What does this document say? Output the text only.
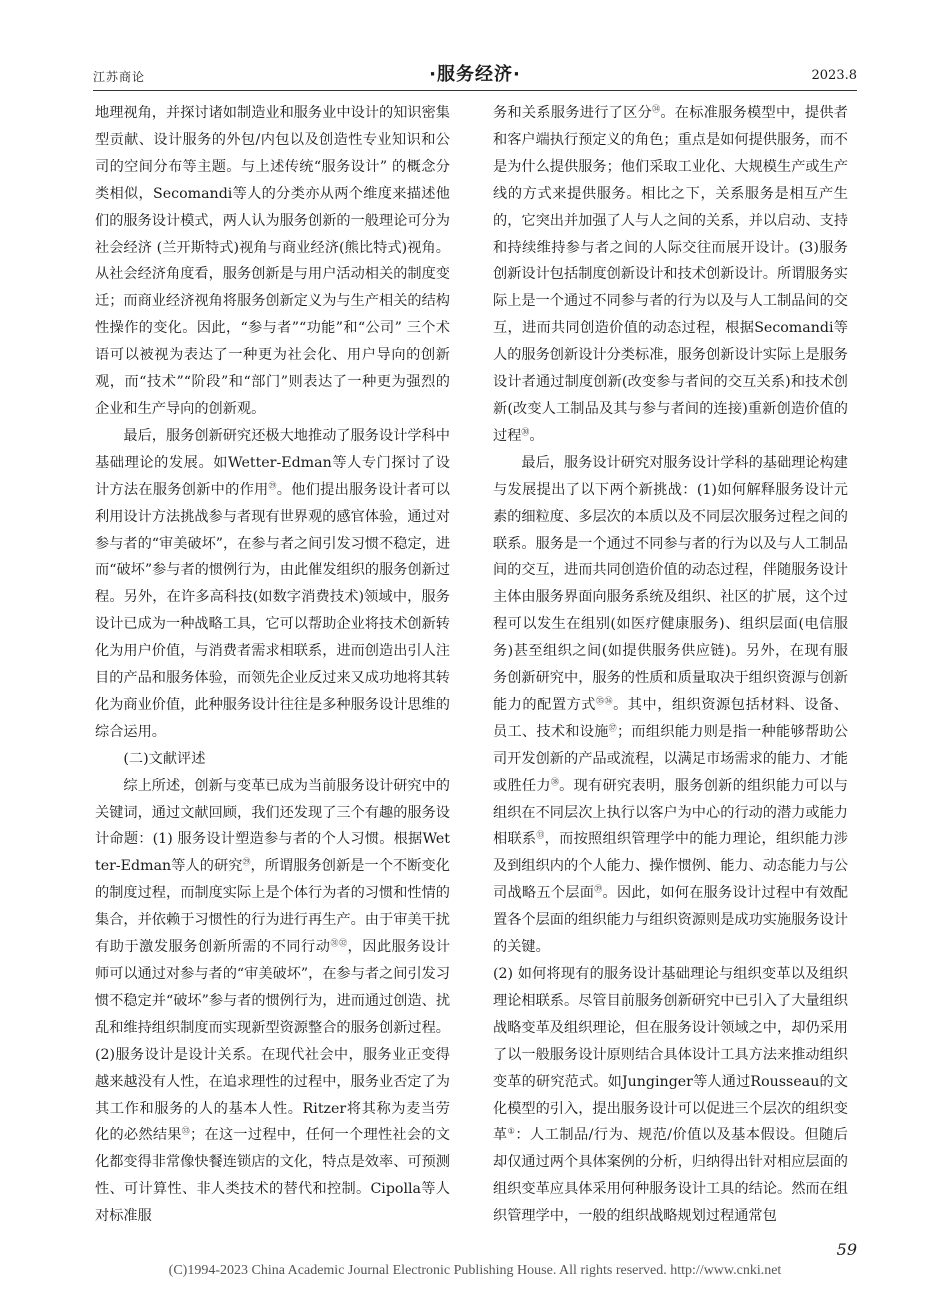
江苏商论	·服务经济·	2023.8

地理视角，并探讨诸如制造业和服务业中设计的知识密集型贡献、设计服务的外包/内包以及创造性专业知识和公司的空间分布等主题。与上述传统“服务设计” 的概念分类相似，Secomandi等人的分类亦从两个维度来描述他们的服务设计模式，两人认为服务创新的一般理论可分为社会经济 (兰开斯特式)视角与商业经济(熊比特式)视角。从社会经济角度看，服务创新是与用户活动相关的制度变迁；而商业经济视角将服务创新定义为与生产相关的结构性操作的变化。因此，“参与者”“功能”和“公司” 三个术语可以被视为表达了一种更为社会化、用户导向的创新观，而“技术”“阶段”和“部门”则表达了一种更为强烈的企业和生产导向的创新观。

最后，服务创新研究还极大地推动了服务设计学科中基础理论的发展。如Wetter-Edman等人专门探讨了设计方法在服务创新中的作用$^㉙$。他们提出服务设计者可以利用设计方法挑战参与者现有世界观的感官体验，通过对参与者的“审美破坏”，在参与者之间引发习惯不稳定，进而“破坏”参与者的惯例行为，由此催发组织的服务创新过程。另外，在许多高科技(如数字消费技术)领域中，服务设计已成为一种战略工具，它可以帮助企业将技术创新转化为用户价值，与消费者需求相联系，进而创造出引人注目的产品和服务体验，而领先企业反过来又成功地将其转化为商业价值，此种服务设计往往是多种服务设计思维的综合运用。

(二)文献评述

综上所述，创新与变革已成为当前服务设计研究中的关键词，通过文献回顾，我们还发现了三个有趣的服务设计命题：(1) 服务设计塑造参与者的个人习惯。根据Wetter-Edman等人的研究$^㉙$，所谓服务创新是一个不断变化的制度过程，而制度实际上是个体行为者的习惯和性情的集合，并依赖于习惯性的行为进行再生产。由于审美干扰有助于激发服务创新所需的不同行动$^{㉛㉜}$，因此服务设计师可以通过对参与者的“审美破坏”，在参与者之间引发习惯不稳定并“破坏”参与者的惯例行为，进而通过创造、扰乱和维持组织制度而实现新型资源整合的服务创新过程。(2)服务设计是设计关系。在现代社会中，服务业正变得越来越没有人性，在追求理性的过程中，服务业否定了为其工作和服务的人的基本人性。Ritzer将其称为麦当劳化的必然结果$^㉝$；在这一过程中，任何一个理性社会的文化都变得非常像快餐连锁店的文化，特点是效率、可预测性、可计算性、非人类技术的替代和控制。Cipolla等人对标准服

务和关系服务进行了区分$^㉞$。在标准服务模型中，提供者和客户端执行预定义的角色；重点是如何提供服务，而不是为什么提供服务；他们采取工业化、大规模生产或生产线的方式来提供服务。相比之下，关系服务是相互产生的，它突出并加强了人与人之间的关系，并以启动、支持和持续维持参与者之间的人际交往而展开设计。(3)服务创新设计包括制度创新设计和技术创新设计。所谓服务实际上是一个通过不同参与者的行为以及与人工制品间的交互，进而共同创造价值的动态过程，根据Secomandi等人的服务创新设计分类标准，服务创新设计实际上是服务设计者通过制度创新(改变参与者间的交互关系)和技术创新(改变人工制品及其与参与者间的连接)重新创造价值的过程$^㉚$。

最后，服务设计研究对服务设计学科的基础理论构建与发展提出了以下两个新挑战：(1)如何解释服务设计元素的细粒度、多层次的本质以及不同层次服务过程之间的联系。服务是一个通过不同参与者的行为以及与人工制品间的交互，进而共同创造价值的动态过程，伴随服务设计主体由服务界面向服务系统及组织、社区的扩展，这个过程可以发生在组别(如医疗健康服务)、组织层面(电信服务)甚至组织之间(如提供服务供应链)。另外，在现有服务创新研究中，服务的性质和质量取决于组织资源与创新能力的配置方式$^{㉟㊱}$。其中，组织资源包括材料、设备、员工、技术和设施$^㊲$；而组织能力则是指一种能够帮助公司开发创新的产品或流程，以满足市场需求的能力、才能或胜任力$^㊳$。现有研究表明，服务创新的组织能力可以与组织在不同层次上执行以客户为中心的行动的潜力或能力相联系⑬，而按照组织管理学中的能力理论，组织能力涉及到组织内的个人能力、操作惯例、能力、动态能力与公司战略五个层面$^㊴$。因此，如何在服务设计过程中有效配置各个层面的组织能力与组织资源则是成功实施服务设计的关键。

(2) 如何将现有的服务设计基础理论与组织变革以及组织理论相联系。尽管目前服务创新研究中已引入了大量组织战略变革及组织理论，但在服务设计领域之中，却仍采用了以一般服务设计原则结合具体设计工具方法来推动组织变革的研究范式。如Junginger等人通过Rousseau的文化模型的引入，提出服务设计可以促进三个层次的组织变革①：人工制品/行为、规范/价值以及基本假设。但随后却仅通过两个具体案例的分析，归纳得出针对相应层面的组织变革应具体采用何种服务设计工具的结论。然而在组织管理学中，一般的组织战略规划过程通常包

59
(C)1994-2023 China Academic Journal Electronic Publishing House. All rights reserved. http://www.cnki.net
